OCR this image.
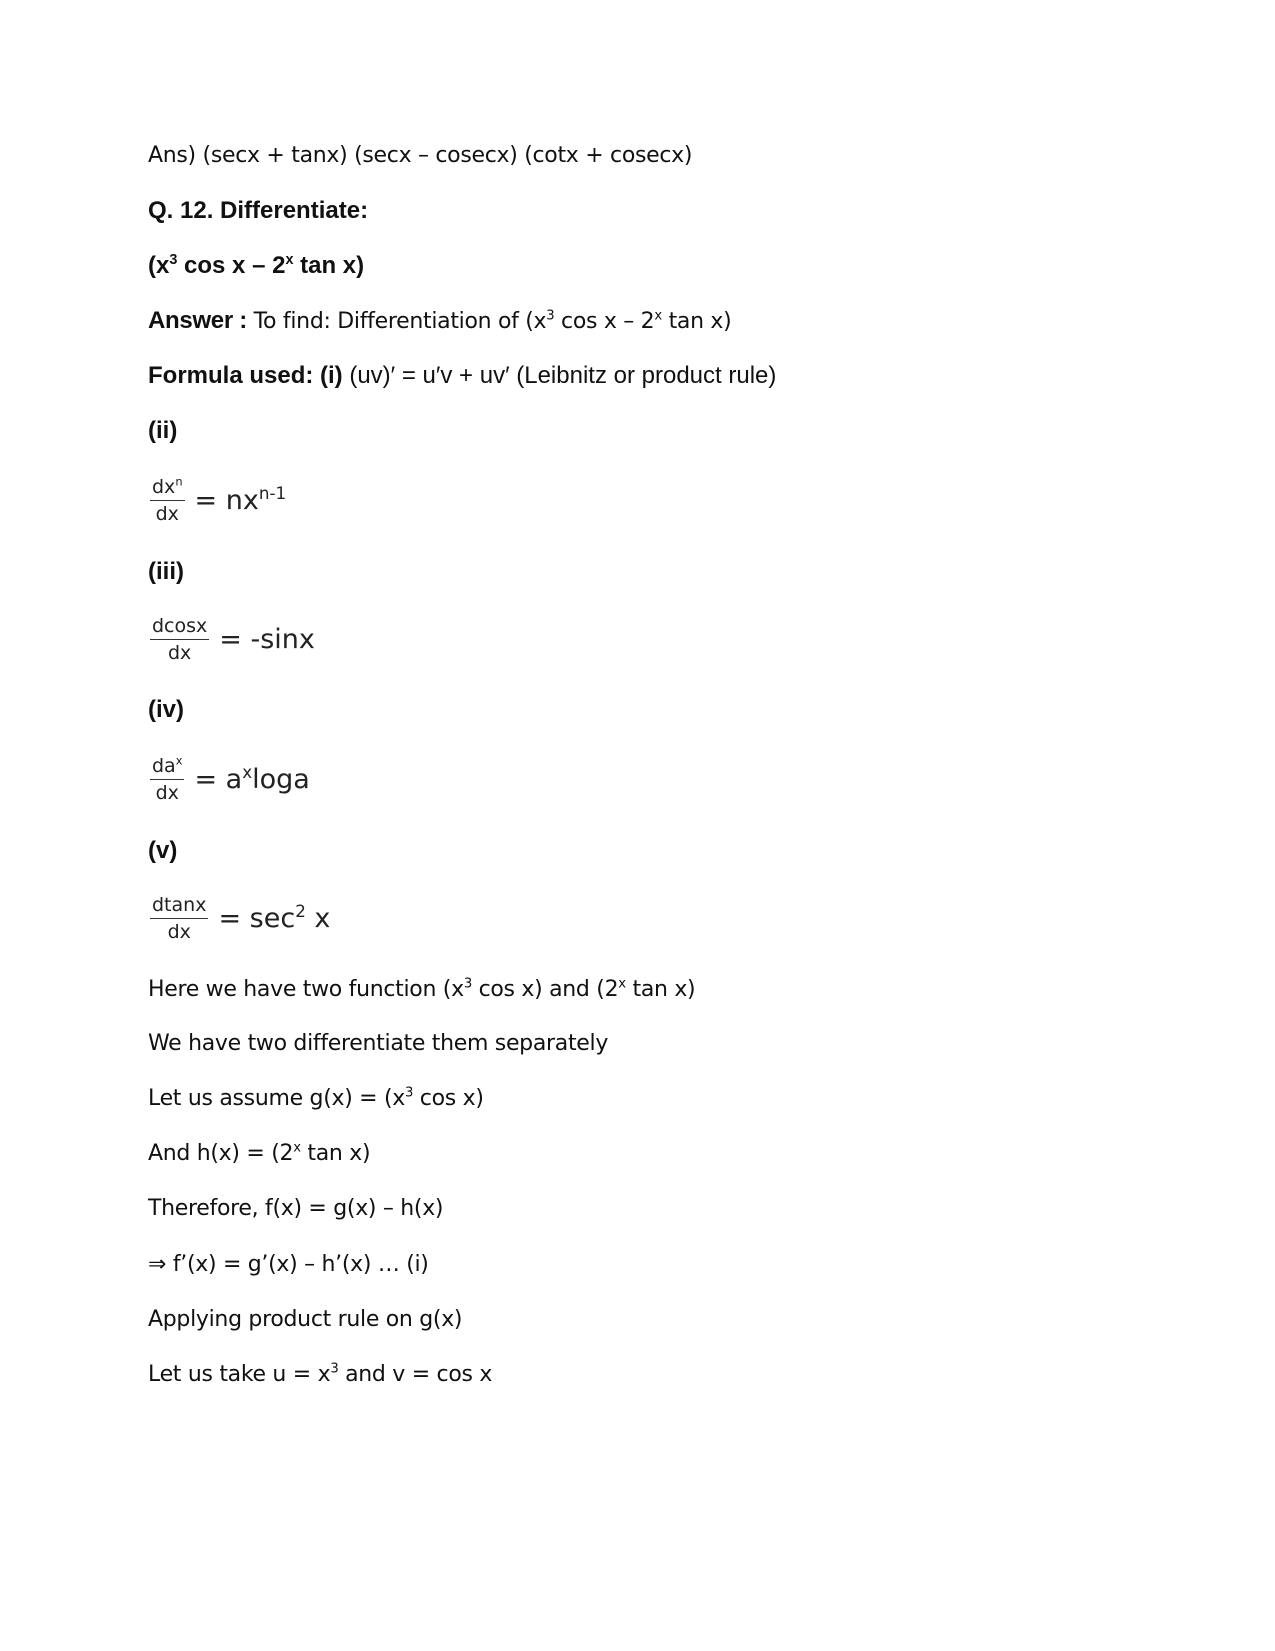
Ans) (secx + tanx) (secx – cosecx) (cotx + cosecx)
Q. 12. Differentiate:
($x^3$ cos x – 2$^x$ tan x)
Answer : To find: Differentiation of ($x^3$ cos x – 2$^x$ tan x)
Formula used: (i) (uv)′ = u′v + uv′ (Leibnitz or product rule)
(ii)
$\frac{dx^n}{dx} = nx^{n-1}$
(iii)
$\frac{dcosx}{dx} = -\sin x$
(iv)
$\frac{da^x}{dx} = a^x\log a$
(v)
$\frac{dtanx}{dx} = \sec^2 x$
Here we have two function ($x^3$ cos x) and (2$^x$ tan x)
We have two differentiate them separately
Let us assume $g(x) = (x^3$ cos x)
And $h(x) = (2^x$ tan x)
Therefore, f(x) = g(x) – h(x)
⇒ f’(x) = g’(x) – h’(x) … (i)
Applying product rule on g(x)
Let us take $u = x^3$ and v = cos x
